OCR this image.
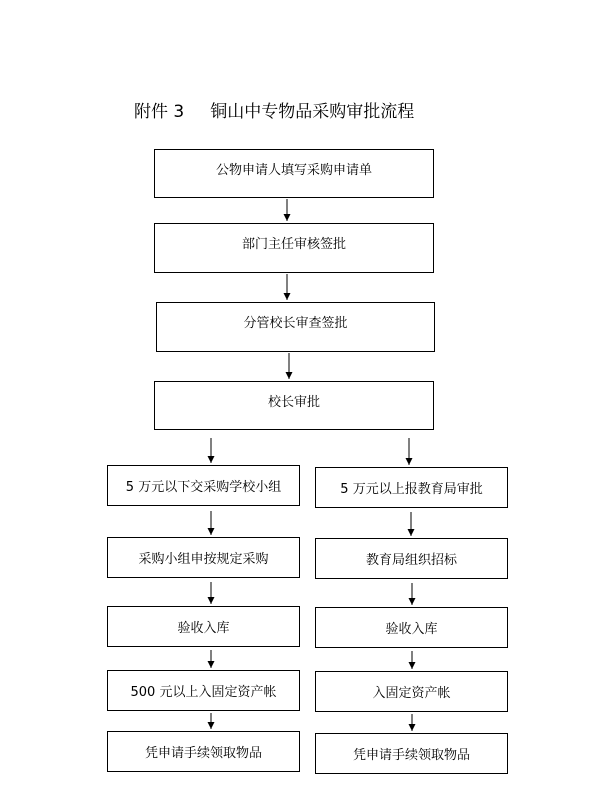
附件 3 铜山中专物品采购审批流程
公物申请人填写采购申请单
部门主任审核签批
分管校长审查签批
校长审批
5 万元以下交采购学校小组
采购小组申按规定采购
验收入库
500 元以上入固定资产帐
凭申请手续领取物品
5 万元以上报教育局审批
教育局组织招标
验收入库
入固定资产帐
凭申请手续领取物品
